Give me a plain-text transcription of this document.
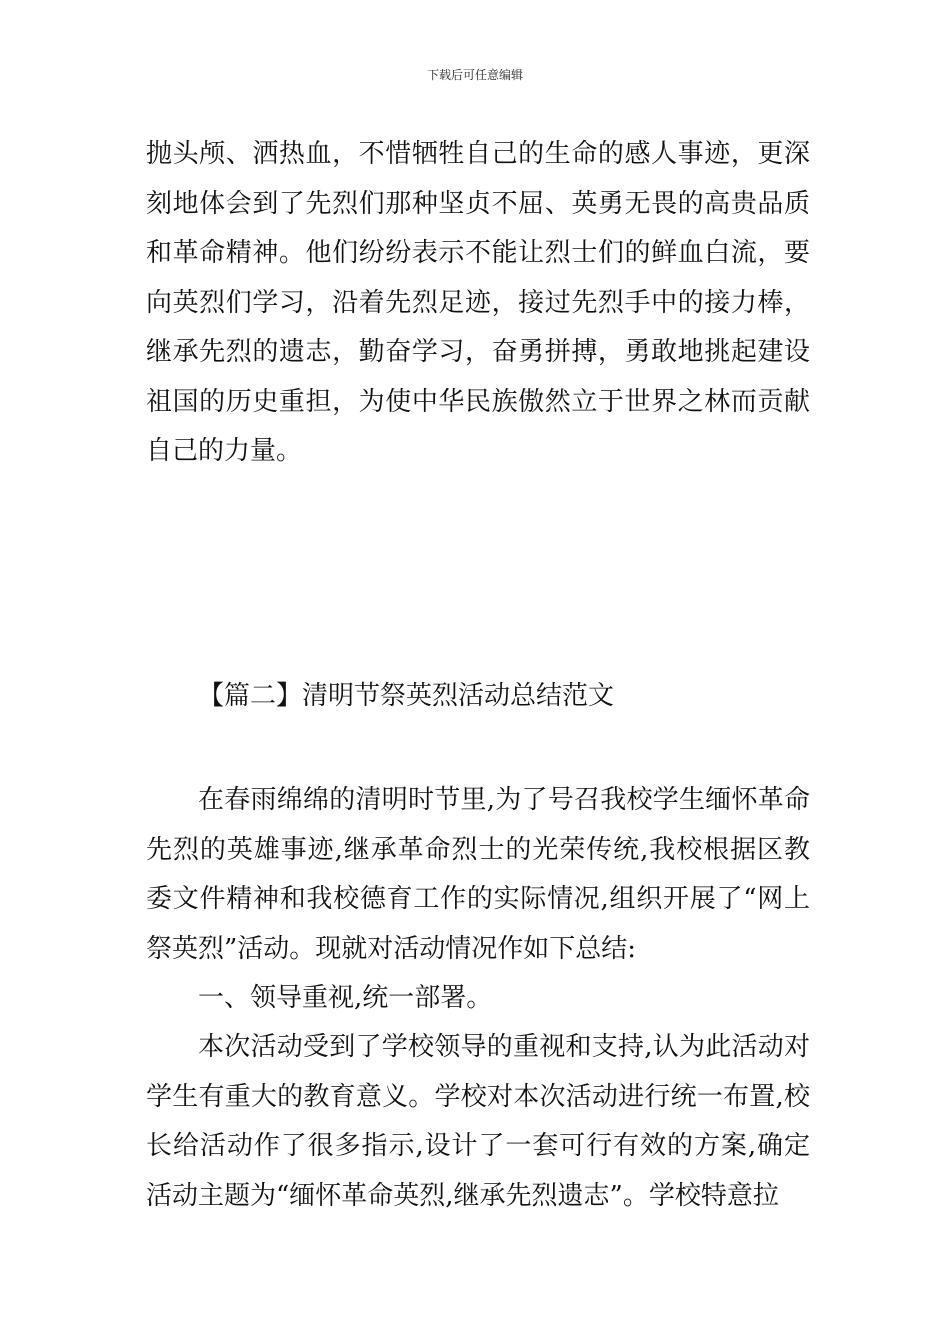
下载后可任意编辑

抛头颅、洒热血，不惜牺牲自己的生命的感人事迹，更深刻地体会到了先烈们那种坚贞不屈、英勇无畏的高贵品质和革命精神。他们纷纷表示不能让烈士们的鲜血白流，要向英烈们学习，沿着先烈足迹，接过先烈手中的接力棒，继承先烈的遗志，勤奋学习，奋勇拼搏，勇敢地挑起建设祖国的历史重担，为使中华民族傲然立于世界之林而贡献自己的力量。

【篇二】清明节祭英烈活动总结范文

在春雨绵绵的清明时节里,为了号召我校学生缅怀革命先烈的英雄事迹,继承革命烈士的光荣传统,我校根据区教委文件精神和我校德育工作的实际情况,组织开展了“网上祭英烈”活动。现就对活动情况作如下总结:

一、领导重视,统一部署。

本次活动受到了学校领导的重视和支持,认为此活动对学生有重大的教育意义。学校对本次活动进行统一布置,校长给活动作了很多指示,设计了一套可行有效的方案,确定活动主题为“缅怀革命英烈,继承先烈遗志”。学校特意拉
